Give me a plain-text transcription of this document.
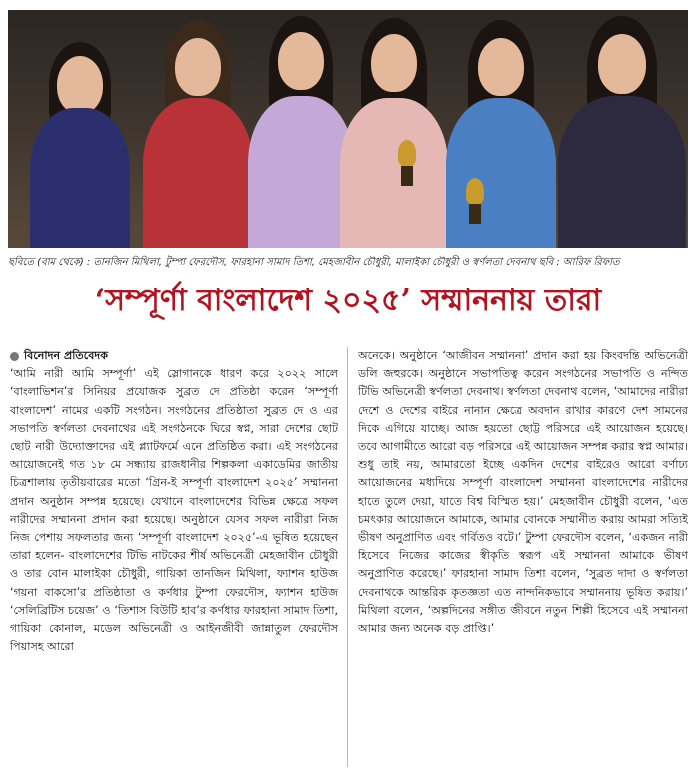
ছবিতে (বাম থেকে) : তানজিন মিথিলা, টুম্পা ফেরদৌস, ফারহানা সামাদ তিশা, মেহজাবীন চৌধুরী, মালাইকা চৌধুরী ও স্বর্ণলতা দেবনাথ ছবি : আরিফ রিফাত
‘সম্পূর্ণা বাংলাদেশ ২০২৫’ সম্মাননায় তারা
বিনোদন প্রতিবেদক

‘আমি নারী আমি সম্পূর্ণা’ এই স্লোগানকে ধারণ করে ২০২২ সালে ‘বাংলাভিশন’র সিনিয়র প্রযোজক সুব্রত দে প্রতিষ্ঠা করেন ‘সম্পূর্ণা বাংলাদেশ’ নামের একটি সংগঠন। সংগঠনের প্রতিষ্ঠাতা সুব্রত দে ও এর সভাপতি স্বর্ণলতা দেবনাথের এই সংগঠনকে ঘিরে স্বপ্ন, সারা দেশের ছোট ছোট নারী উদ্যোক্তাদের এই প্ল্যাটফর্মে এনে প্রতিষ্ঠিত করা। এই সংগঠনের আয়োজনেই গত ১৮ মে সন্ধ্যায় রাজধানীর শিল্পকলা একাডেমির জাতীয় চিত্রশালায় তৃতীয়বারের মতো ‘গ্রিন-ই সম্পূর্ণা বাংলাদেশ ২০২৫’ সম্মাননা প্রদান অনুষ্ঠান সম্পন্ন হয়েছে। যেখানে বাংলাদেশের বিভিন্ন ক্ষেত্রে সফল নারীদের সম্মাননা প্রদান করা হয়েছে। অনুষ্ঠানে যেসব সফল নারীরা নিজ নিজ পেশায় সফলতার জন্য ‘সম্পূর্ণা বাংলাদেশ ২০২৫’-এ ভূষিত হয়েছেন তারা হলেন- বাংলাদেশের টিভি নাটকের শীর্ষ অভিনেত্রী মেহজাবীন চৌধুরী ও তার বোন মালাইকা চৌধুরী, গায়িকা তানজিন মিথিলা, ফ্যাশন হাউজ ‘গয়না বাকসো’র প্রতিষ্ঠাতা ও কর্ণধার টুম্পা ফেরদৌস, ফ্যাশন হাউজ ‘সেলিব্রিটিস চয়েজ’ ও ‘তিশাস বিউটি হাব’র কর্ণধার ফারহানা সামাদ তিশা, গায়িকা কোনাল, মডেল অভিনেত্রী ও আইনজীবী জান্নাতুল ফেরদৌস পিয়াসহ আরো

অনেকে। অনুষ্ঠানে ‘আজীবন সম্মাননা’ প্রদান করা হয় কিংবদন্তি অভিনেত্রী ডলি জহুরকে। অনুষ্ঠানে সভাপতিত্ব করেন সংগঠনের সভাপতি ও নন্দিত টিভি অভিনেত্রী স্বর্ণলতা দেবনাথ। স্বর্ণলতা দেবনাথ বলেন, ‘আমাদের নারীরা দেশে ও দেশের বাইরে নানান ক্ষেত্রে অবদান রাখার কারণে দেশ সামনের দিকে এগিয়ে যাচ্ছে। আজ হয়তো ছোট্ট পরিসরে এই আয়োজন হয়েছে। তবে আগামীতে আরো বড় পরিসরে এই আয়োজন সম্পন্ন করার স্বপ্ন আমার। শুধু তাই নয়, আমারতো ইচ্ছে একদিন দেশের বাইরেও আরো বর্ণাঢ্য আয়োজনের মধ্যদিয়ে সম্পূর্ণা বাংলাদেশ সম্মাননা বাংলাদেশের নারীদের হাতে তুলে দেয়া, যাতে বিশ্ব বিস্মিত হয়।’ মেহজাবীন চৌধুরী বলেন, ‘এত চমৎকার আয়োজনে আমাকে, আমার বোনকে সম্মানীত করায় আমরা সত্যিই ভীষণ অনুপ্রাণিত এবং গর্বিতও বটে।’ টুম্পা ফেরদৌস বলেন, ‘একজন নারী হিসেবে নিজের কাজের স্বীকৃতি স্বরূপ এই সম্মাননা আমাকে ভীষণ অনুপ্রাণিত করেছে।’ ফারহানা সামাদ তিশা বলেন, ‘সুব্রত দাদা ও স্বর্ণলতা দেবনাথকে আন্তরিক কৃতজ্ঞতা এত নান্দনিকভাবে সম্মাননায় ভূষিত করায়।’ মিথিলা বলেন, ‘অল্পদিনের সঙ্গীত জীবনে নতুন শিল্পী হিসেবে এই সম্মাননা আমার জন্য অনেক বড় প্রাপ্তি।’
